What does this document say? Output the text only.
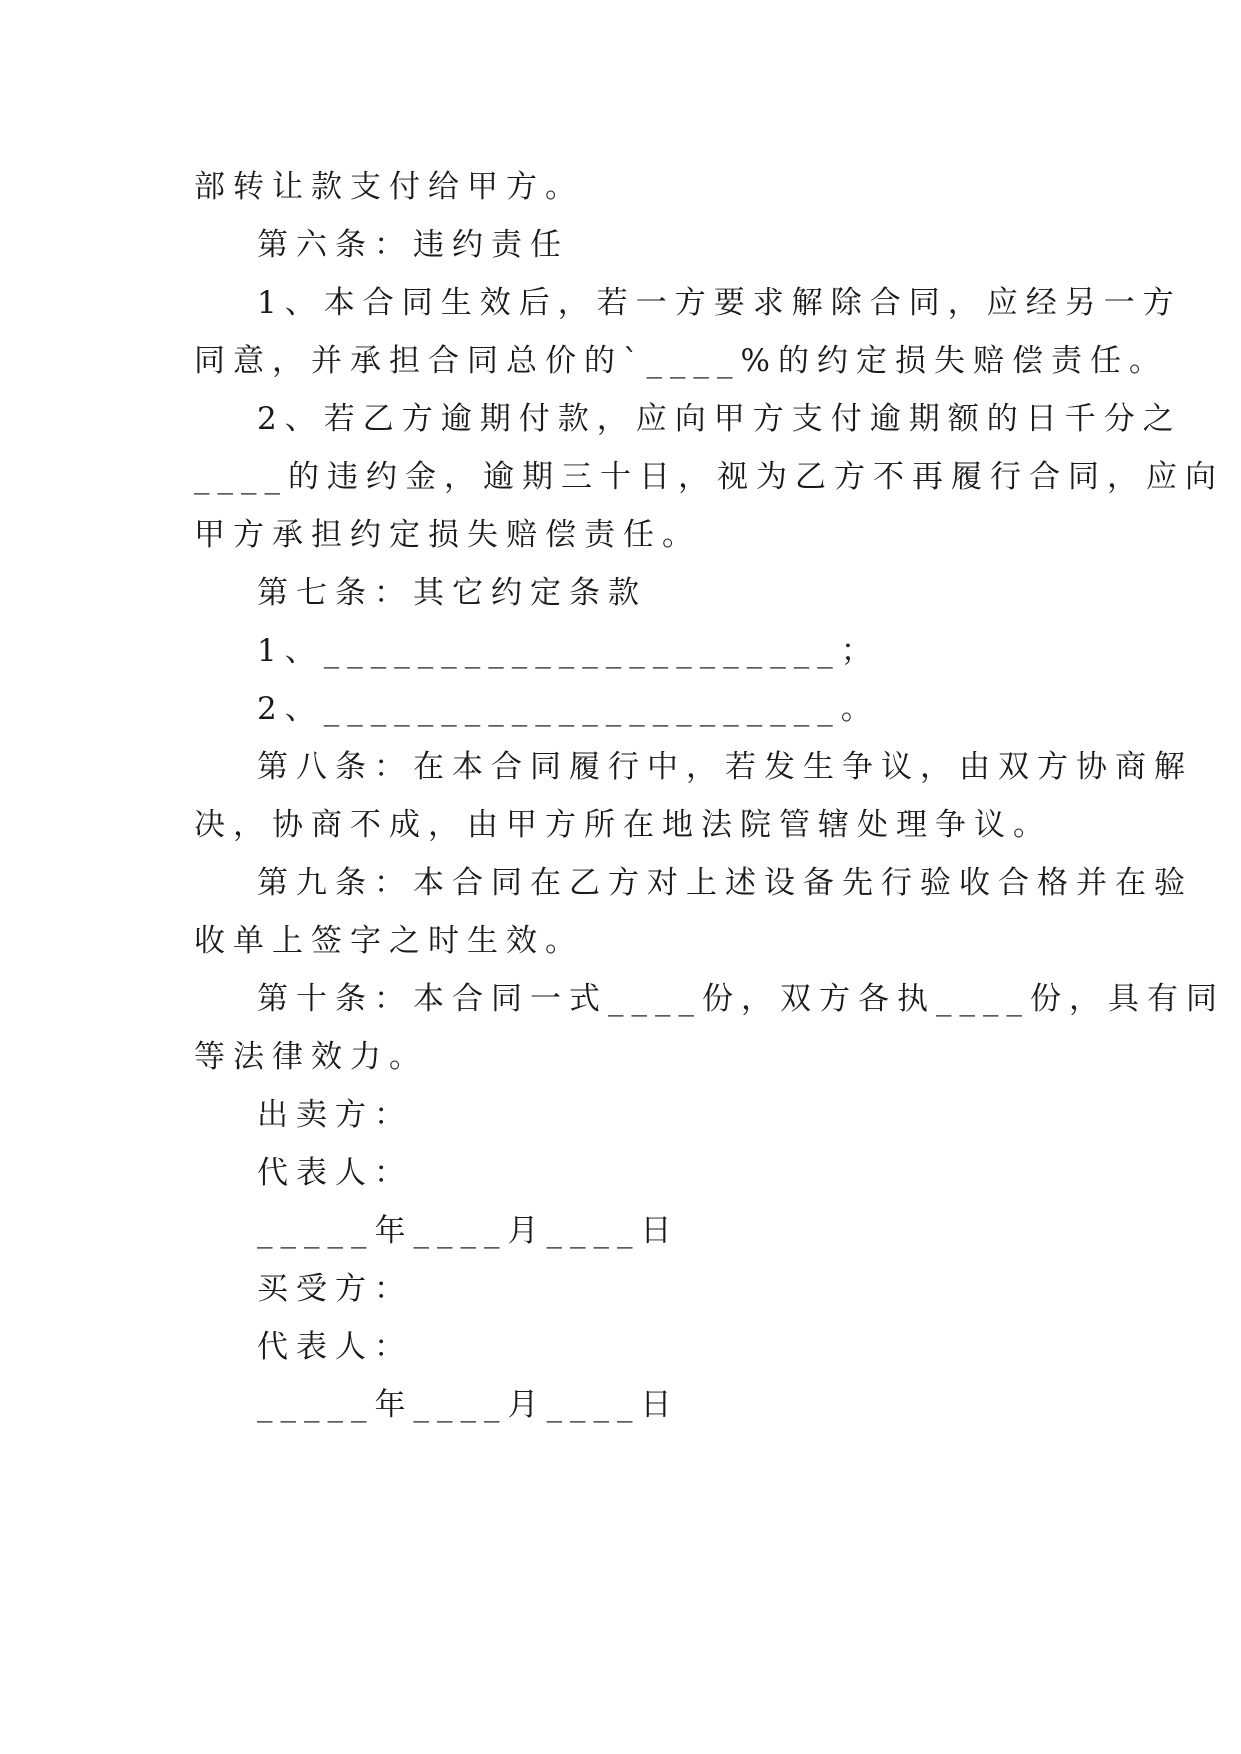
部转让款支付给甲方。

第六条：违约责任

1、本合同生效后，若一方要求解除合同，应经另一方

同意，并承担合同总价的`____%的约定损失赔偿责任。

2、若乙方逾期付款，应向甲方支付逾期额的日千分之

____的违约金，逾期三十日，视为乙方不再履行合同，应向

甲方承担约定损失赔偿责任。

第七条：其它约定条款

1、______________________；

2、______________________。

第八条：在本合同履行中，若发生争议，由双方协商解

决，协商不成，由甲方所在地法院管辖处理争议。

第九条：本合同在乙方对上述设备先行验收合格并在验

收单上签字之时生效。

第十条：本合同一式____份，双方各执____份，具有同

等法律效力。

出卖方：

代表人：

_____年____月____日

买受方：

代表人：

_____年____月____日
